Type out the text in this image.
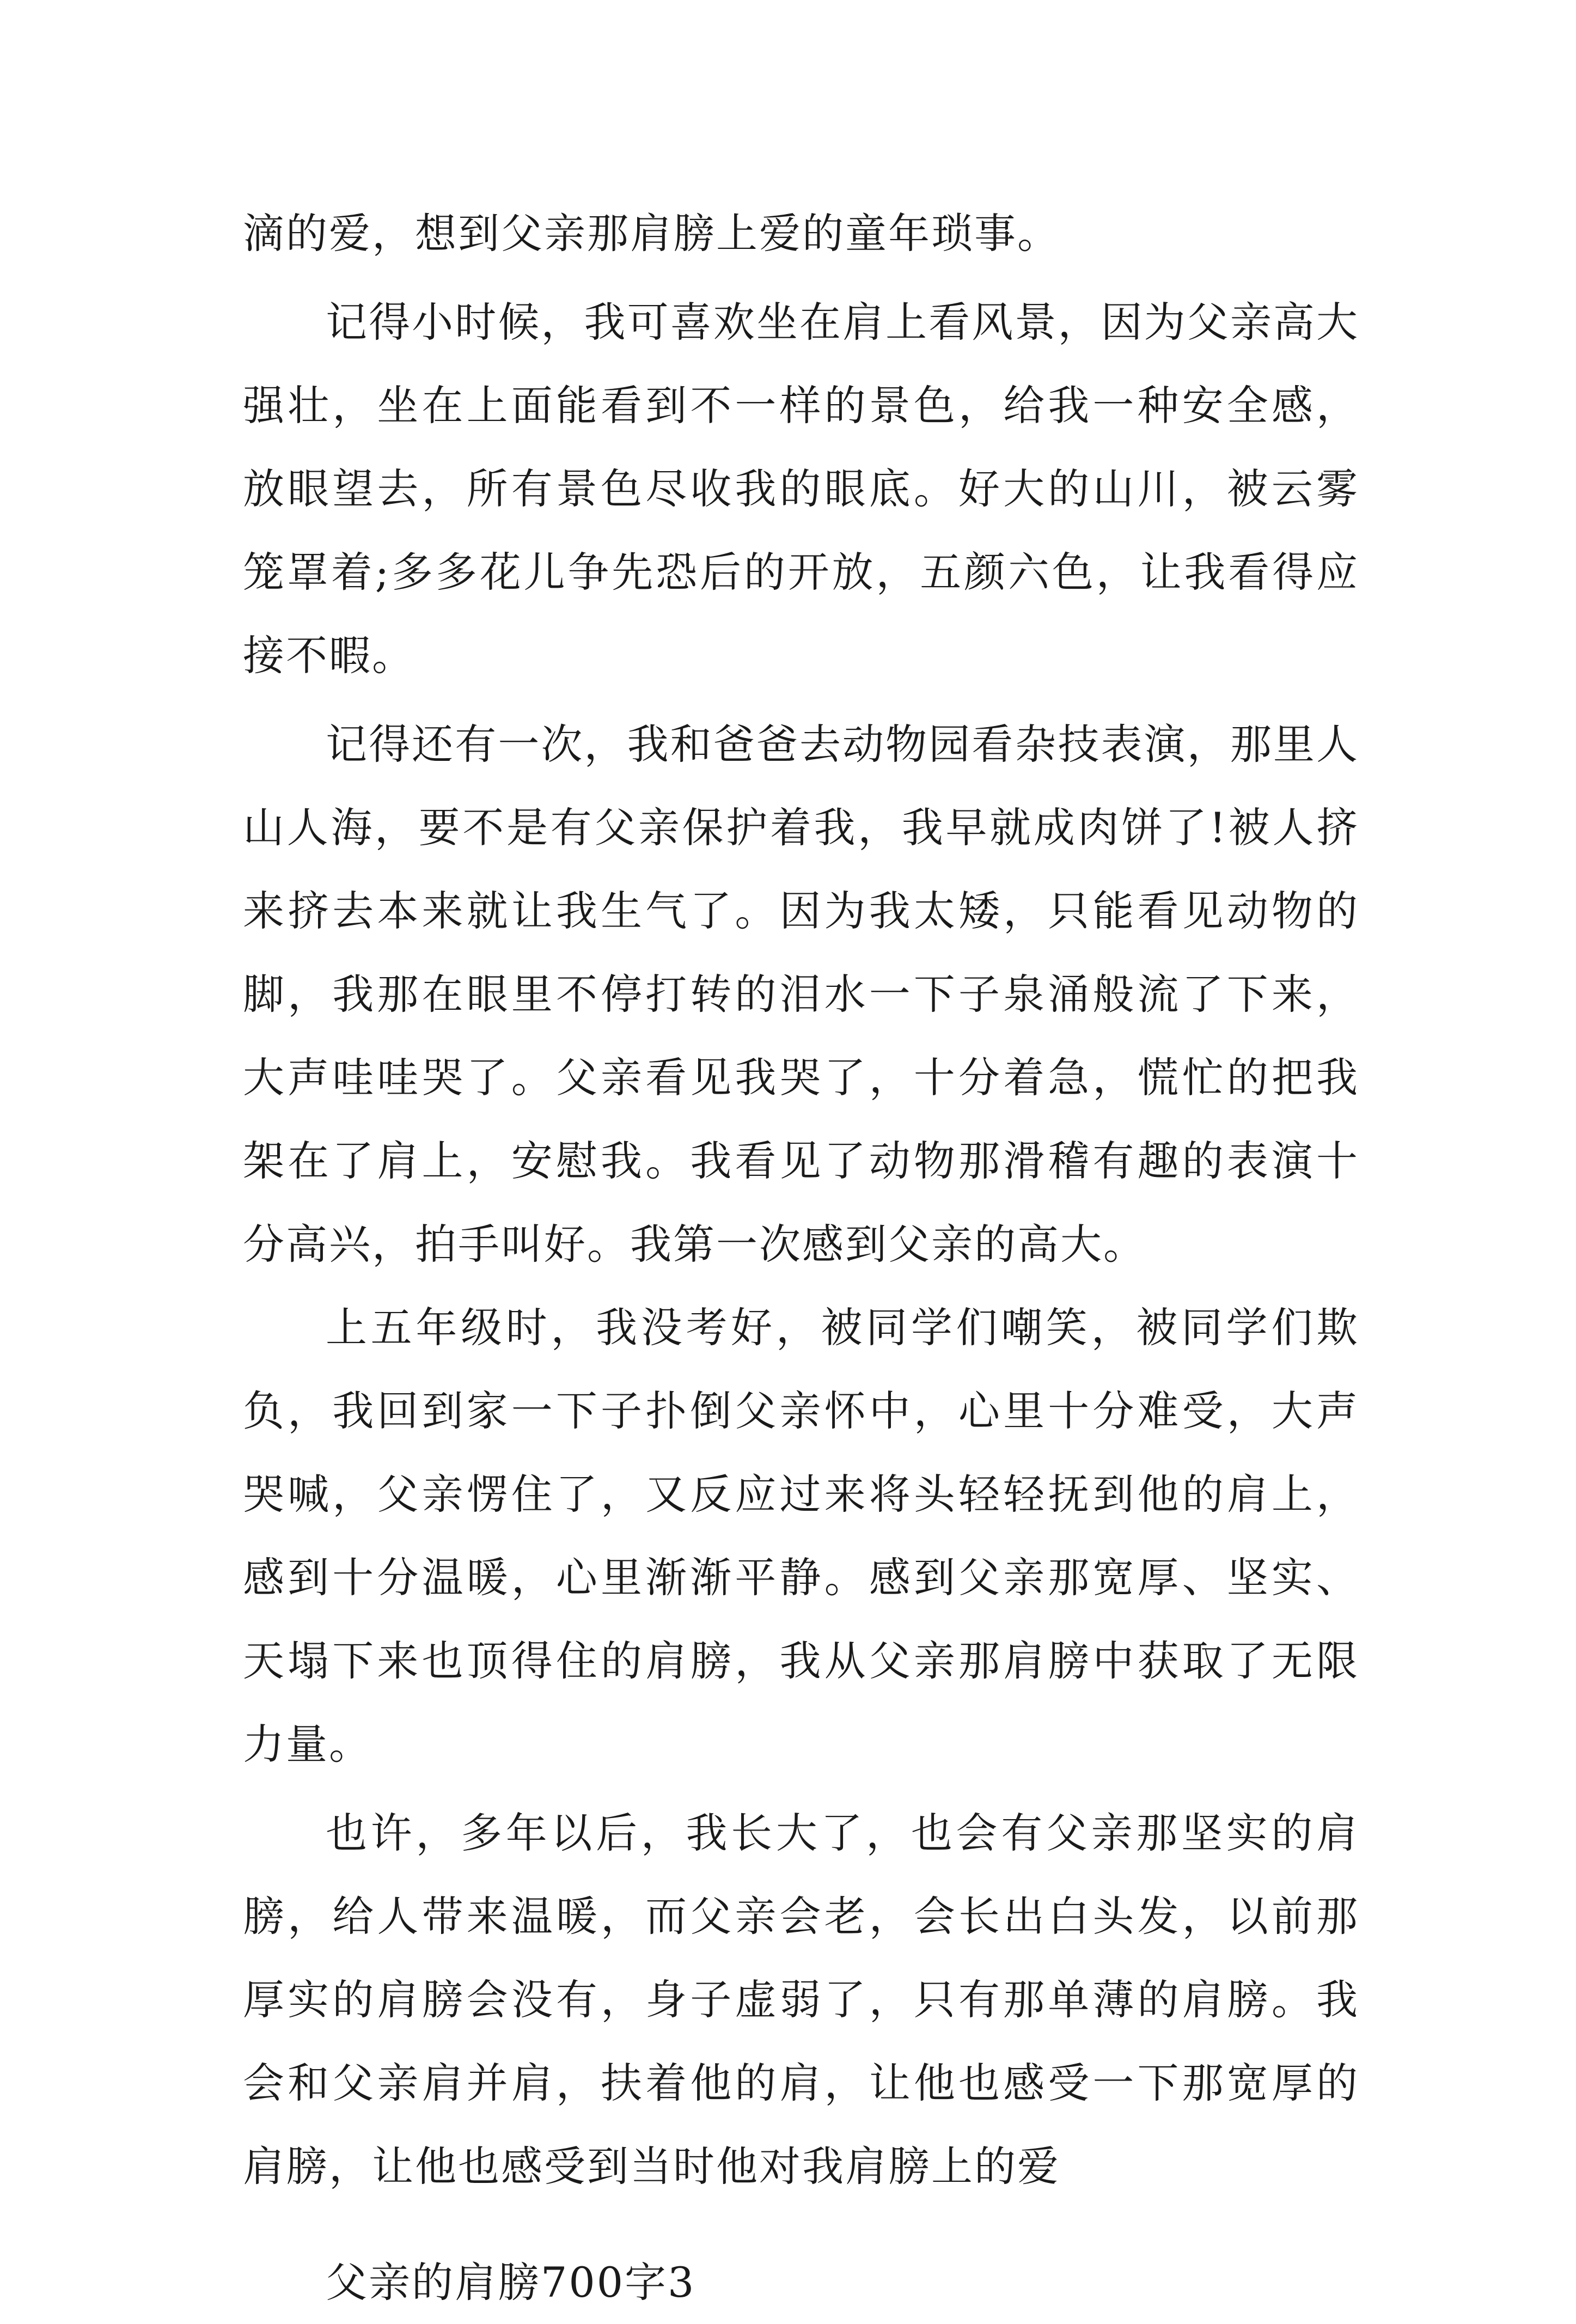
滴的爱，想到父亲那肩膀上爱的童年琐事。

记得小时候，我可喜欢坐在肩上看风景，因为父亲高大强壮，坐在上面能看到不一样的景色，给我一种安全感，放眼望去，所有景色尽收我的眼底。好大的山川，被云雾笼罩着;多多花儿争先恐后的开放，五颜六色，让我看得应接不暇。

记得还有一次，我和爸爸去动物园看杂技表演，那里人山人海，要不是有父亲保护着我，我早就成肉饼了!被人挤来挤去本来就让我生气了。因为我太矮，只能看见动物的脚，我那在眼里不停打转的泪水一下子泉涌般流了下来，大声哇哇哭了。父亲看见我哭了，十分着急，慌忙的把我架在了肩上，安慰我。我看见了动物那滑稽有趣的表演十分高兴，拍手叫好。我第一次感到父亲的高大。

上五年级时，我没考好，被同学们嘲笑，被同学们欺负，我回到家一下子扑倒父亲怀中，心里十分难受，大声哭喊，父亲愣住了，又反应过来将头轻轻抚到他的肩上，感到十分温暖，心里渐渐平静。感到父亲那宽厚、坚实、天塌下来也顶得住的肩膀，我从父亲那肩膀中获取了无限力量。

也许，多年以后，我长大了，也会有父亲那坚实的肩膀，给人带来温暖，而父亲会老，会长出白头发，以前那厚实的肩膀会没有，身子虚弱了，只有那单薄的肩膀。我会和父亲肩并肩，扶着他的肩，让他也感受一下那宽厚的肩膀，让他也感受到当时他对我肩膀上的爱

父亲的肩膀700字3
